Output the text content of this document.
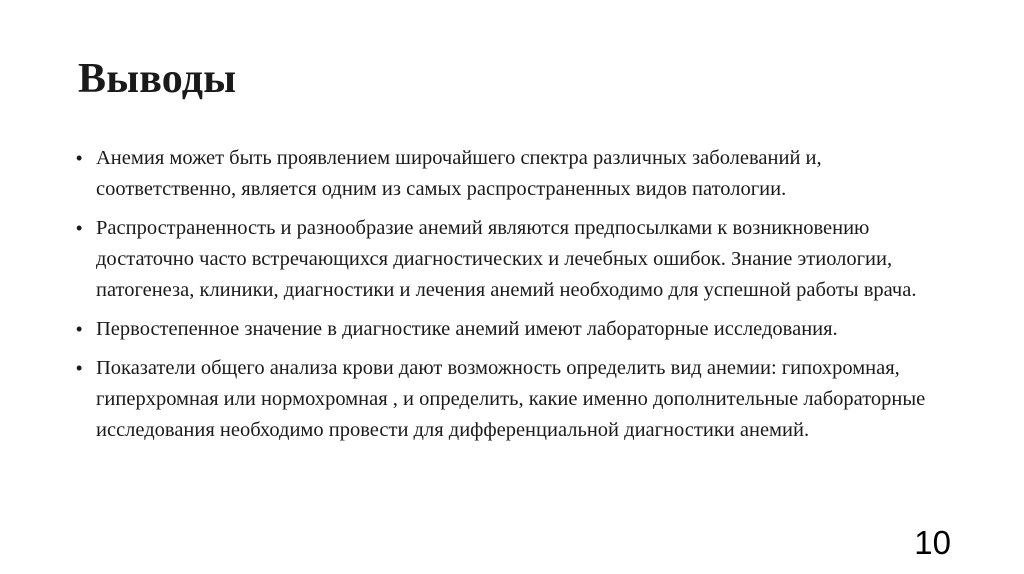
Выводы
• Анемия может быть проявлением широчайшего спектра различных заболеваний и, соответственно, является одним из самых распространенных видов патологии.
• Распространенность и разнообразие анемий являются предпосылками к возникновению достаточно часто встречающихся диагностических и лечебных ошибок. Знание этиологии, патогенеза, клиники, диагностики и лечения анемий необходимо для успешной работы врача.
• Первостепенное значение в диагностике анемий имеют лабораторные исследования.
• Показатели общего анализа крови дают возможность определить вид анемии: гипохромная, гиперхромная или нормохромная , и определить, какие именно дополнительные лабораторные исследования необходимо провести для дифференциальной диагностики анемий.
10
